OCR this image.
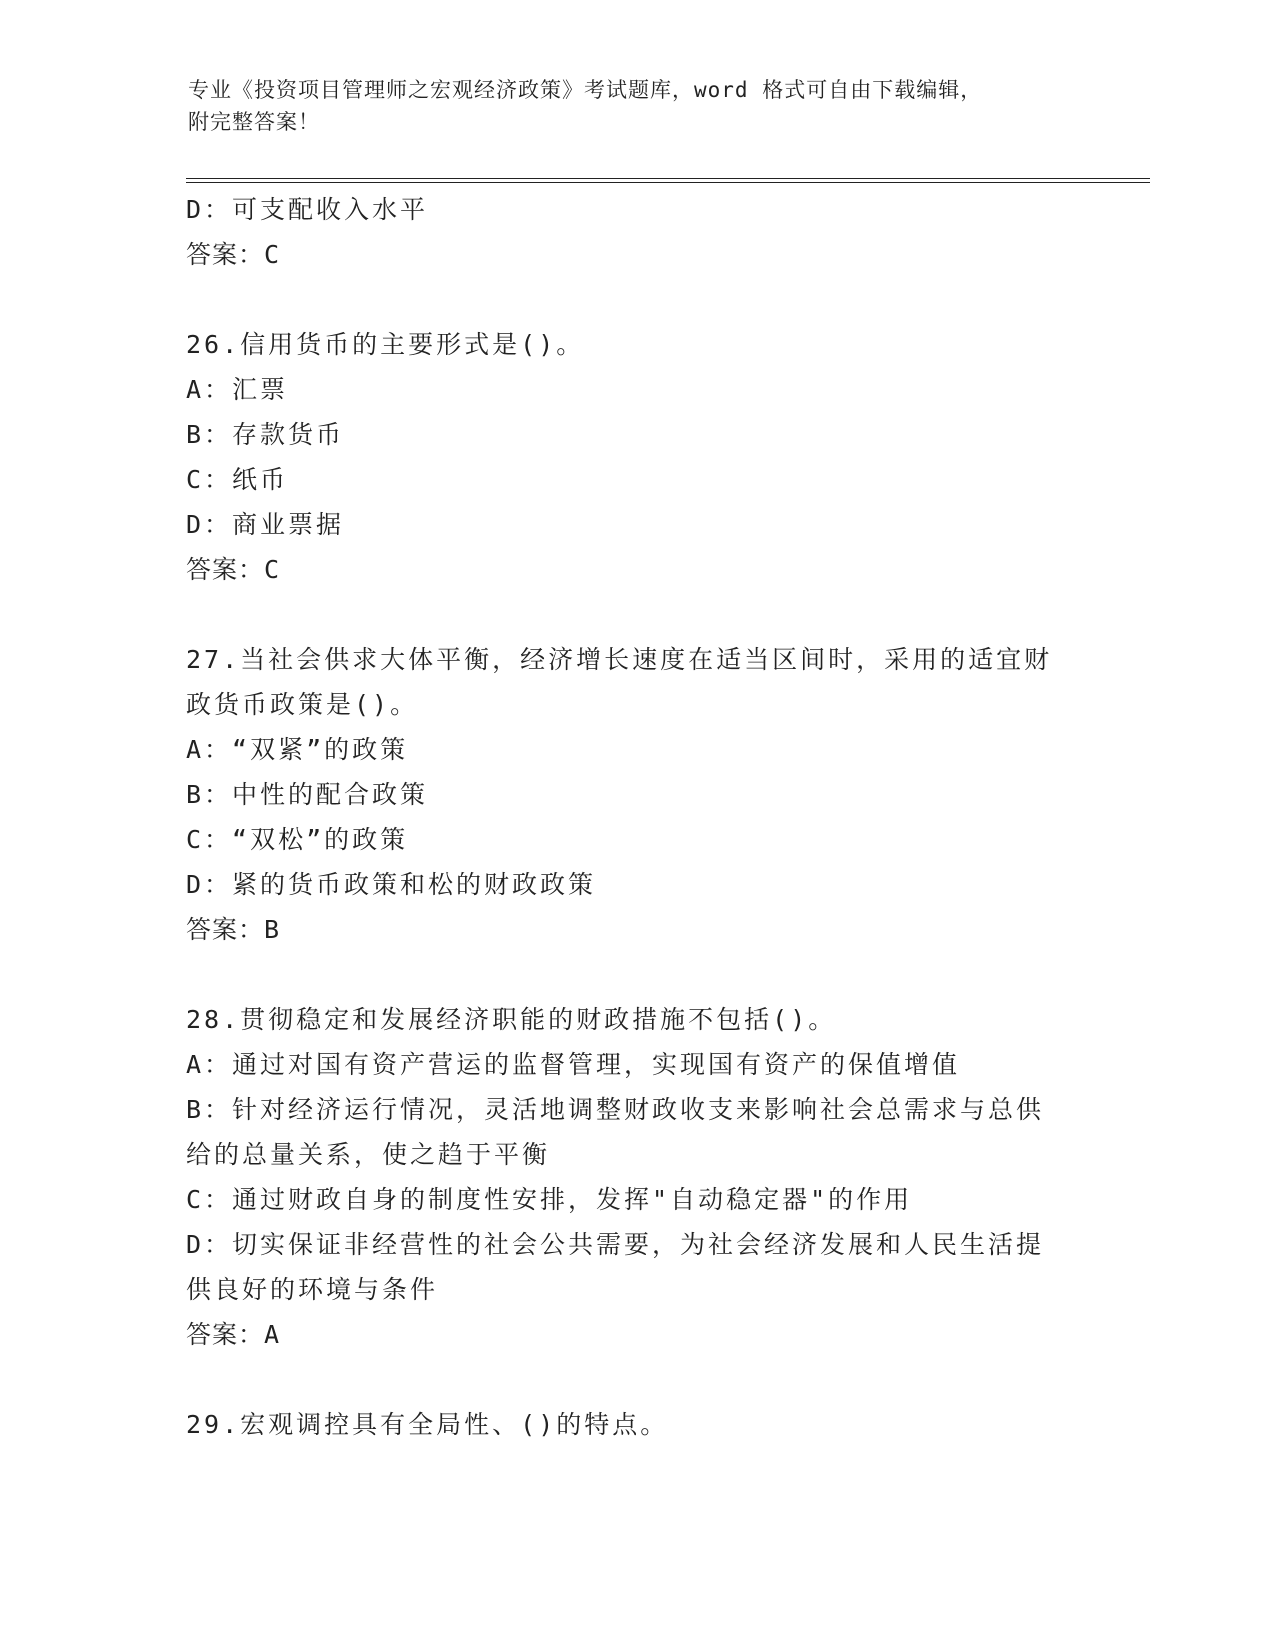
专业《投资项目管理师之宏观经济政策》考试题库，word 格式可自由下载编辑，
附完整答案！
D：可支配收入水平
答案：C
26.信用货币的主要形式是()。
A：汇票
B：存款货币
C：纸币
D：商业票据
答案：C
27.当社会供求大体平衡，经济增长速度在适当区间时，采用的适宜财
政货币政策是()。
A：“双紧”的政策
B：中性的配合政策
C：“双松”的政策
D：紧的货币政策和松的财政政策
答案：B
28.贯彻稳定和发展经济职能的财政措施不包括()。
A：通过对国有资产营运的监督管理，实现国有资产的保值增值
B：针对经济运行情况，灵活地调整财政收支来影响社会总需求与总供
给的总量关系，使之趋于平衡
C：通过财政自身的制度性安排，发挥"自动稳定器"的作用
D：切实保证非经营性的社会公共需要，为社会经济发展和人民生活提
供良好的环境与条件
答案：A
29.宏观调控具有全局性、()的特点。
